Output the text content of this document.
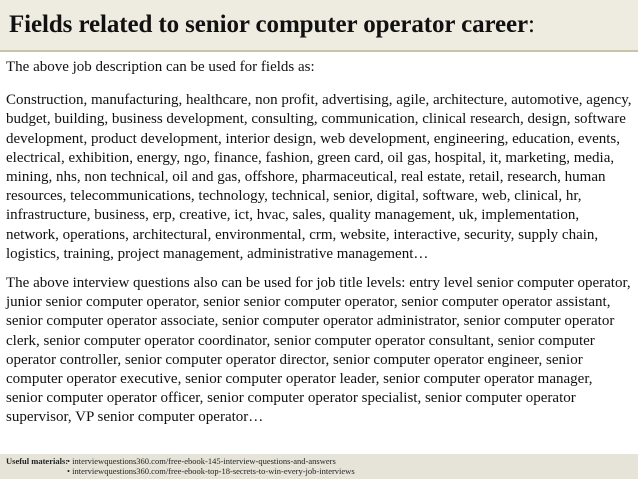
Fields related to senior computer operator career:

The above job description can be used for fields as:

Construction, manufacturing, healthcare, non profit, advertising, agile, architecture, automotive, agency, budget, building, business development, consulting, communication, clinical research, design, software development, product development, interior design, web development, engineering, education, events, electrical, exhibition, energy, ngo, finance, fashion, green card, oil gas, hospital, it, marketing, media, mining, nhs, non technical, oil and gas, offshore, pharmaceutical, real estate, retail, research, human resources, telecommunications, technology, technical, senior, digital, software, web, clinical, hr, infrastructure, business, erp, creative, ict, hvac, sales, quality management, uk, implementation, network, operations, architectural, environmental, crm, website, interactive, security, supply chain, logistics, training, project management, administrative management…

The above interview questions also can be used for job title levels: entry level senior computer operator, junior senior computer operator, senior senior computer operator, senior computer operator assistant, senior computer operator associate, senior computer operator administrator, senior computer operator clerk, senior computer operator coordinator, senior computer operator consultant, senior computer operator controller, senior computer operator director, senior computer operator engineer, senior computer operator executive, senior computer operator leader, senior computer operator manager, senior computer operator officer, senior computer operator specialist, senior computer operator supervisor, VP senior computer operator…

Useful materials:
• interviewquestions360.com/free-ebook-145-interview-questions-and-answers
• interviewquestions360.com/free-ebook-top-18-secrets-to-win-every-job-interviews
